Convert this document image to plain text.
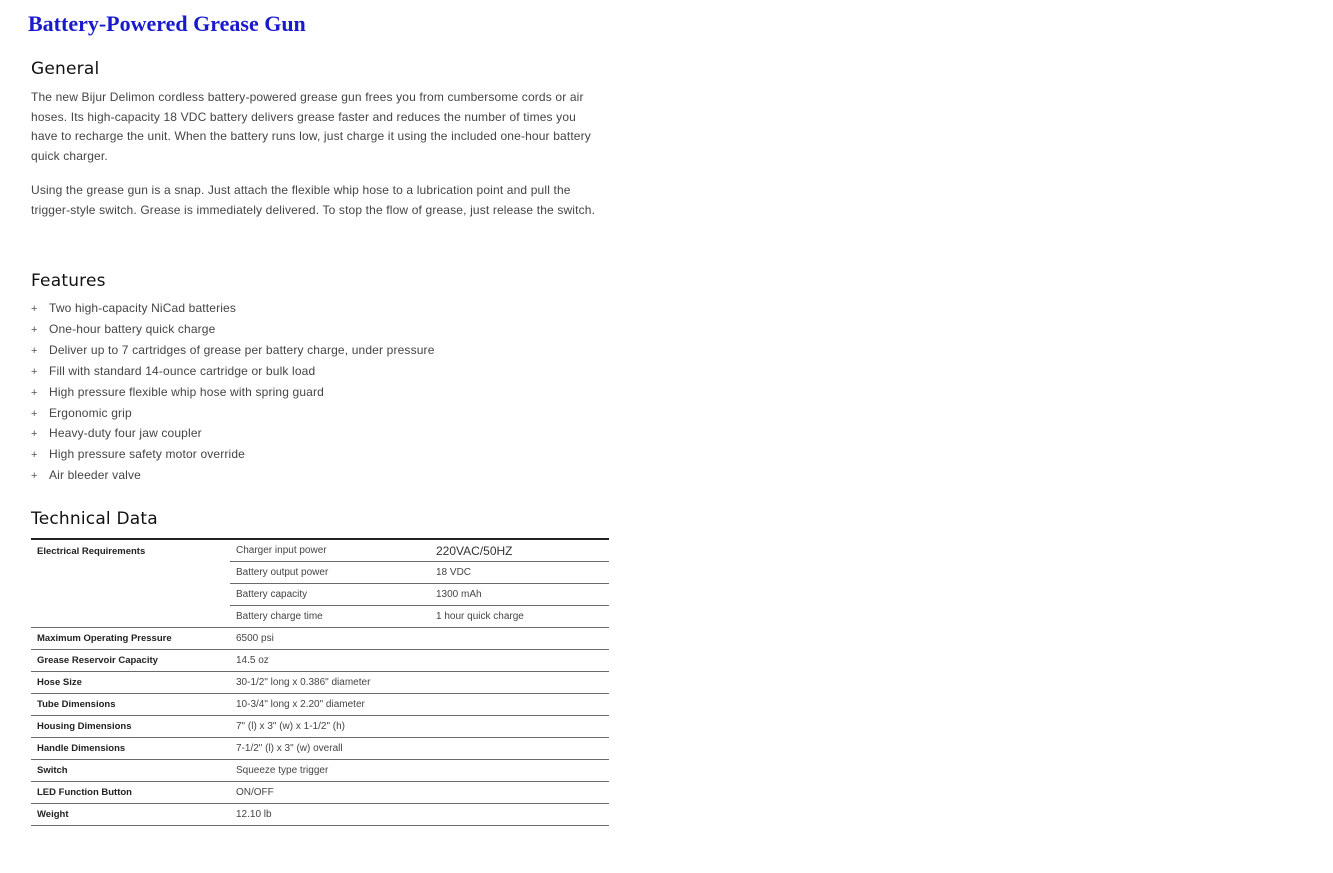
Battery-Powered Grease Gun
General

The new Bijur Delimon cordless battery-powered grease gun frees you from cumbersome cords or air hoses. Its high-capacity 18 VDC battery delivers grease faster and reduces the number of times you have to recharge the unit. When the battery runs low, just charge it using the included one-hour battery quick charger.

Using the grease gun is a snap. Just attach the flexible whip hose to a lubrication point and pull the trigger-style switch. Grease is immediately delivered. To stop the flow of grease, just release the switch.

Features
+ Two high-capacity NiCad batteries
+ One-hour battery quick charge
+ Deliver up to 7 cartridges of grease per battery charge, under pressure
+ Fill with standard 14-ounce cartridge or bulk load
+ High pressure flexible whip hose with spring guard
+ Ergonomic grip
+ Heavy-duty four jaw coupler
+ High pressure safety motor override
+ Air bleeder valve
Technical Data
Electrical Requirements	Charger input power	220VAC/50HZ
	Battery output power	18 VDC
	Battery capacity	1300 mAh
	Battery charge time	1 hour quick charge
Maximum Operating Pressure	6500 psi	
Grease Reservoir Capacity	14.5 oz	
Hose Size	30-1/2" long x 0.386" diameter	
Tube Dimensions	10-3/4" long x 2.20" diameter	
Housing Dimensions	7" (l) x 3" (w) x 1-1/2" (h)	
Handle Dimensions	7-1/2" (l) x 3" (w) overall	
Switch	Squeeze type trigger	
LED Function Button	ON/OFF	
Weight	12.10 lb	
